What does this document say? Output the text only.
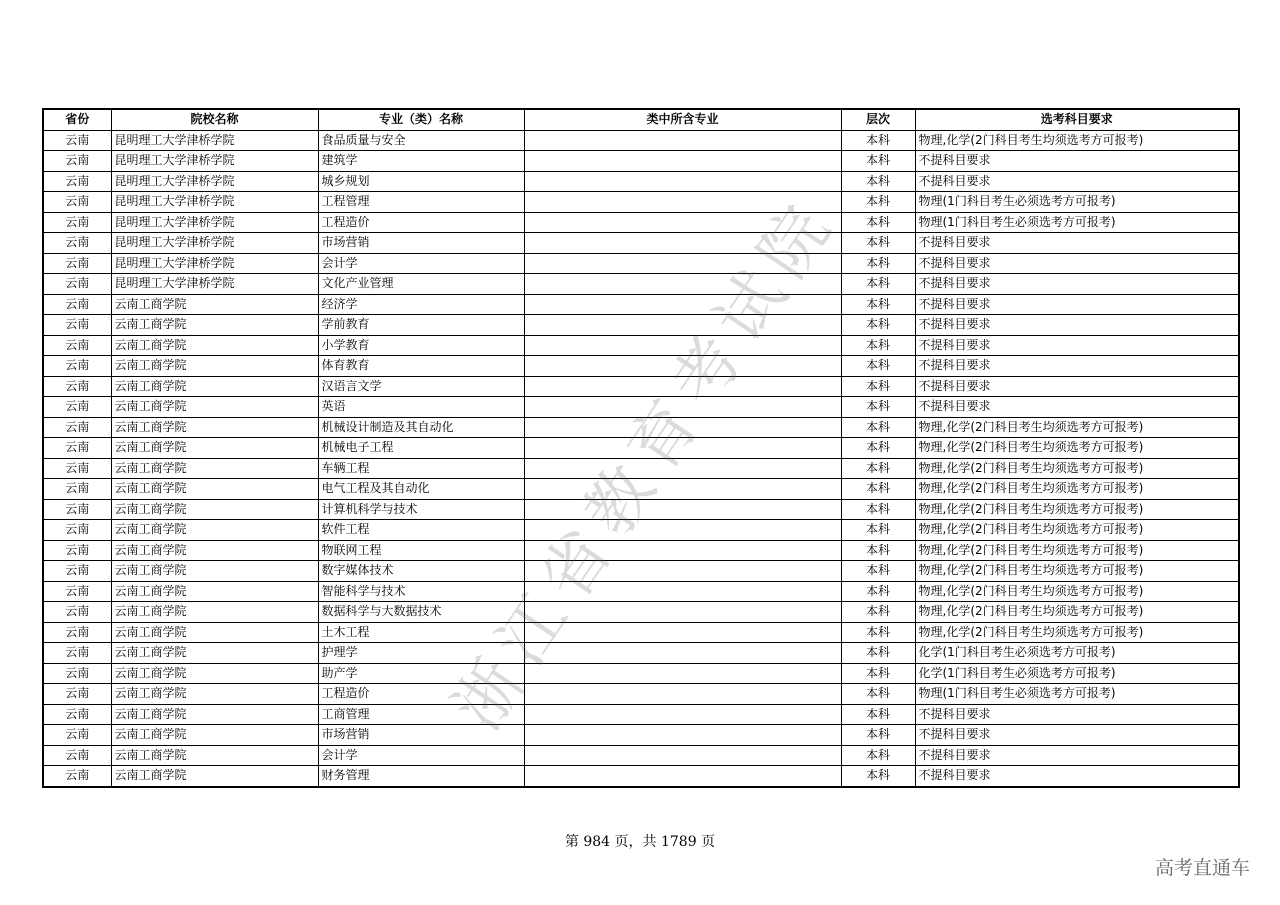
省份	院校名称	专业（类）名称	类中所含专业	层次	选考科目要求
云南	昆明理工大学津桥学院	食品质量与安全		本科	物理,化学(2门科目考生均须选考方可报考)
云南	昆明理工大学津桥学院	建筑学		本科	不提科目要求
云南	昆明理工大学津桥学院	城乡规划		本科	不提科目要求
云南	昆明理工大学津桥学院	工程管理		本科	物理(1门科目考生必须选考方可报考)
云南	昆明理工大学津桥学院	工程造价		本科	物理(1门科目考生必须选考方可报考)
云南	昆明理工大学津桥学院	市场营销		本科	不提科目要求
云南	昆明理工大学津桥学院	会计学		本科	不提科目要求
云南	昆明理工大学津桥学院	文化产业管理		本科	不提科目要求
云南	云南工商学院	经济学		本科	不提科目要求
云南	云南工商学院	学前教育		本科	不提科目要求
云南	云南工商学院	小学教育		本科	不提科目要求
云南	云南工商学院	体育教育		本科	不提科目要求
云南	云南工商学院	汉语言文学		本科	不提科目要求
云南	云南工商学院	英语		本科	不提科目要求
云南	云南工商学院	机械设计制造及其自动化		本科	物理,化学(2门科目考生均须选考方可报考)
云南	云南工商学院	机械电子工程		本科	物理,化学(2门科目考生均须选考方可报考)
云南	云南工商学院	车辆工程		本科	物理,化学(2门科目考生均须选考方可报考)
云南	云南工商学院	电气工程及其自动化		本科	物理,化学(2门科目考生均须选考方可报考)
云南	云南工商学院	计算机科学与技术		本科	物理,化学(2门科目考生均须选考方可报考)
云南	云南工商学院	软件工程		本科	物理,化学(2门科目考生均须选考方可报考)
云南	云南工商学院	物联网工程		本科	物理,化学(2门科目考生均须选考方可报考)
云南	云南工商学院	数字媒体技术		本科	物理,化学(2门科目考生均须选考方可报考)
云南	云南工商学院	智能科学与技术		本科	物理,化学(2门科目考生均须选考方可报考)
云南	云南工商学院	数据科学与大数据技术		本科	物理,化学(2门科目考生均须选考方可报考)
云南	云南工商学院	土木工程		本科	物理,化学(2门科目考生均须选考方可报考)
云南	云南工商学院	护理学		本科	化学(1门科目考生必须选考方可报考)
云南	云南工商学院	助产学		本科	化学(1门科目考生必须选考方可报考)
云南	云南工商学院	工程造价		本科	物理(1门科目考生必须选考方可报考)
云南	云南工商学院	工商管理		本科	不提科目要求
云南	云南工商学院	市场营销		本科	不提科目要求
云南	云南工商学院	会计学		本科	不提科目要求
云南	云南工商学院	财务管理		本科	不提科目要求
浙江省教育考试院
第 984 页，共 1789 页
高考直通车
